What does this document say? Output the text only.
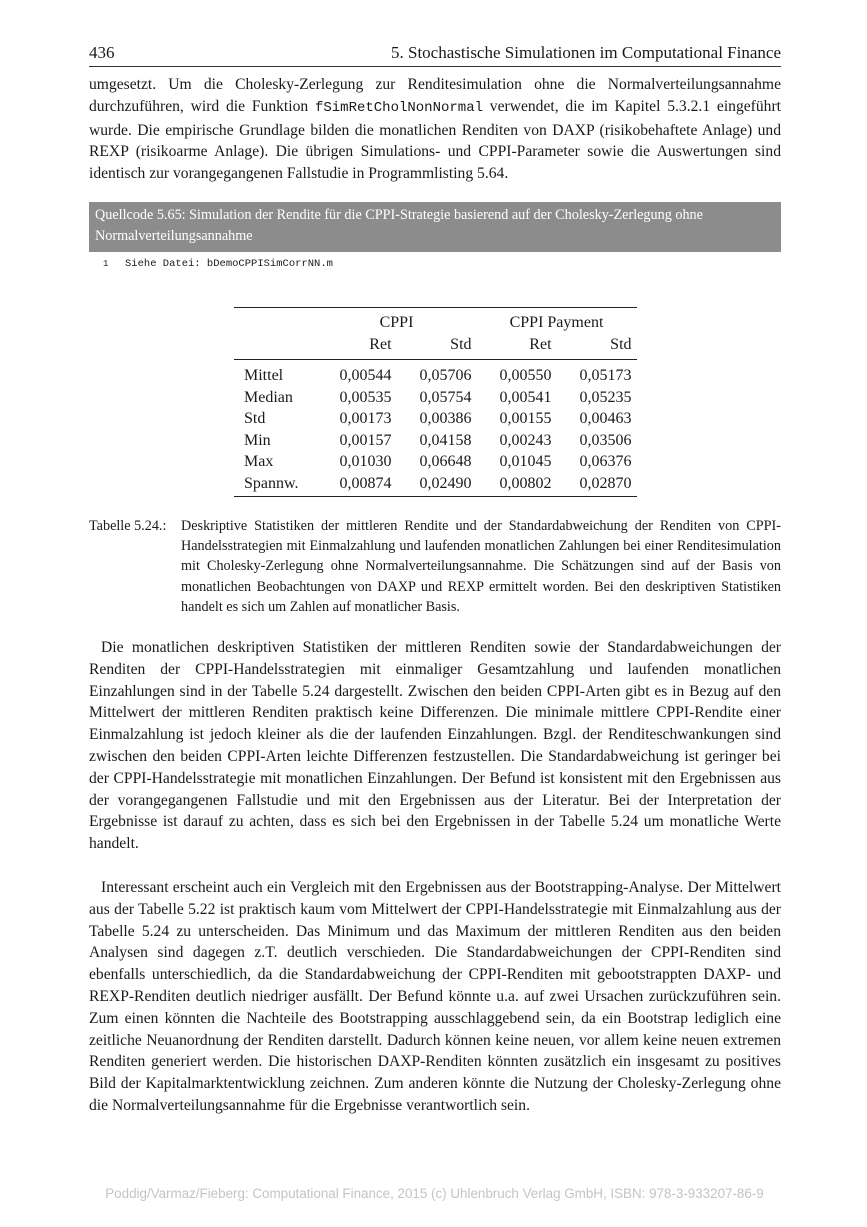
436	5. Stochastische Simulationen im Computational Finance

umgesetzt. Um die Cholesky-Zerlegung zur Renditesimulation ohne die Normalverteilungsannahme durchzuführen, wird die Funktion fSimRetCholNonNormal verwendet, die im Kapitel 5.3.2.1 eingeführt wurde. Die empirische Grundlage bilden die monatlichen Renditen von DAXP (risikobehaftete Anlage) und REXP (risikoarme Anlage). Die übrigen Simulations- und CPPI-Parameter sowie die Auswertungen sind identisch zur vorangegangenen Fallstudie in Programmlisting 5.64.

Quellcode 5.65: Simulation der Rendite für die CPPI-Strategie basierend auf der Cholesky-Zerlegung ohne Normalverteilungsannahme
1 Siehe Datei: bDemoCPPISimCorrNN.m
	CPPI		CPPI Payment	
	Ret	Std	Ret	Std
Mittel	0,00544	0,05706	0,00550	0,05173
Median	0,00535	0,05754	0,00541	0,05235
Std	0,00173	0,00386	0,00155	0,00463
Min	0,00157	0,04158	0,00243	0,03506
Max	0,01030	0,06648	0,01045	0,06376
Spannw.	0,00874	0,02490	0,00802	0,02870
Tabelle 5.24.: Deskriptive Statistiken der mittleren Rendite und der Standardabweichung der Renditen von CPPI-Handelsstrategien mit Einmalzahlung und laufenden monatlichen Zahlungen bei einer Renditesimulation mit Cholesky-Zerlegung ohne Normalverteilungsannahme. Die Schätzungen sind auf der Basis von monatlichen Beobachtungen von DAXP und REXP ermittelt worden. Bei den deskriptiven Statistiken handelt es sich um Zahlen auf monatlicher Basis.

Die monatlichen deskriptiven Statistiken der mittleren Renditen sowie der Standardabweichungen der Renditen der CPPI-Handelsstrategien mit einmaliger Gesamtzahlung und laufenden monatlichen Einzahlungen sind in der Tabelle 5.24 dargestellt. Zwischen den beiden CPPI-Arten gibt es in Bezug auf den Mittelwert der mittleren Renditen praktisch keine Differenzen. Die minimale mittlere CPPI-Rendite einer Einmalzahlung ist jedoch kleiner als die der laufenden Einzahlungen. Bzgl. der Renditeschwankungen sind zwischen den beiden CPPI-Arten leichte Differenzen festzustellen. Die Standardabweichung ist geringer bei der CPPI-Handelsstrategie mit monatlichen Einzahlungen. Der Befund ist konsistent mit den Ergebnissen aus der vorangegangenen Fallstudie und mit den Ergebnissen aus der Literatur. Bei der Interpretation der Ergebnisse ist darauf zu achten, dass es sich bei den Ergebnissen in der Tabelle 5.24 um monatliche Werte handelt.

Interessant erscheint auch ein Vergleich mit den Ergebnissen aus der Bootstrapping-Analyse. Der Mittelwert aus der Tabelle 5.22 ist praktisch kaum vom Mittelwert der CPPI-Handelsstrategie mit Einmalzahlung aus der Tabelle 5.24 zu unterscheiden. Das Minimum und das Maximum der mittleren Renditen aus den beiden Analysen sind dagegen z.T. deutlich verschieden. Die Standardabweichungen der CPPI-Renditen sind ebenfalls unterschiedlich, da die Standardabweichung der CPPI-Renditen mit gebootstrappten DAXP- und REXP-Renditen deutlich niedriger ausfällt. Der Befund könnte u.a. auf zwei Ursachen zurückzuführen sein. Zum einen könnten die Nachteile des Bootstrapping ausschlaggebend sein, da ein Bootstrap lediglich eine zeitliche Neuanordnung der Renditen darstellt. Dadurch können keine neuen, vor allem keine neuen extremen Renditen generiert werden. Die historischen DAXP-Renditen könnten zusätzlich ein insgesamt zu positives Bild der Kapitalmarktentwicklung zeichnen. Zum anderen könnte die Nutzung der Cholesky-Zerlegung ohne die Normalverteilungsannahme für die Ergebnisse verantwortlich sein.

Poddig/Varmaz/Fieberg: Computational Finance, 2015 (c) Uhlenbruch Verlag GmbH, ISBN: 978-3-933207-86-9
